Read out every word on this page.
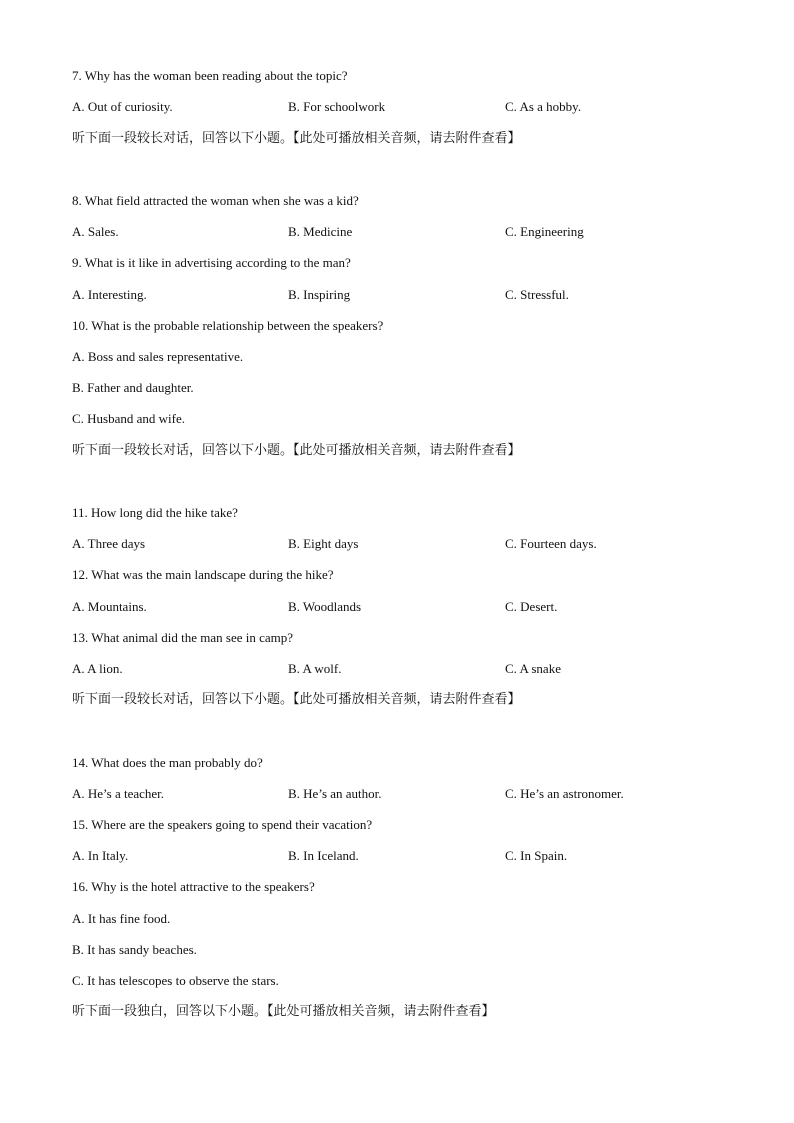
7. Why has the woman been reading about the topic?
A. Out of curiosity.	B. For schoolwork	C. As a hobby.
听下面一段较长对话，回答以下小题。【此处可播放相关音频，请去附件查看】
8. What field attracted the woman when she was a kid?
A. Sales.	B. Medicine	C. Engineering
9. What is it like in advertising according to the man?
A. Interesting.	B. Inspiring	C. Stressful.
10. What is the probable relationship between the speakers?
A. Boss and sales representative.
B. Father and daughter.
C. Husband and wife.
听下面一段较长对话，回答以下小题。【此处可播放相关音频，请去附件查看】
11. How long did the hike take?
A. Three days	B. Eight days	C. Fourteen days.
12. What was the main landscape during the hike?
A. Mountains.	B. Woodlands	C. Desert.
13. What animal did the man see in camp?
A. A lion.	B. A wolf.	C. A snake
听下面一段较长对话，回答以下小题。【此处可播放相关音频，请去附件查看】
14. What does the man probably do?
A. He’s a teacher.	B. He’s an author.	C. He’s an astronomer.
15. Where are the speakers going to spend their vacation?
A. In Italy.	B. In Iceland.	C. In Spain.
16. Why is the hotel attractive to the speakers?
A. It has fine food.
B. It has sandy beaches.
C. It has telescopes to observe the stars.
听下面一段独白，回答以下小题。【此处可播放相关音频，请去附件查看】
